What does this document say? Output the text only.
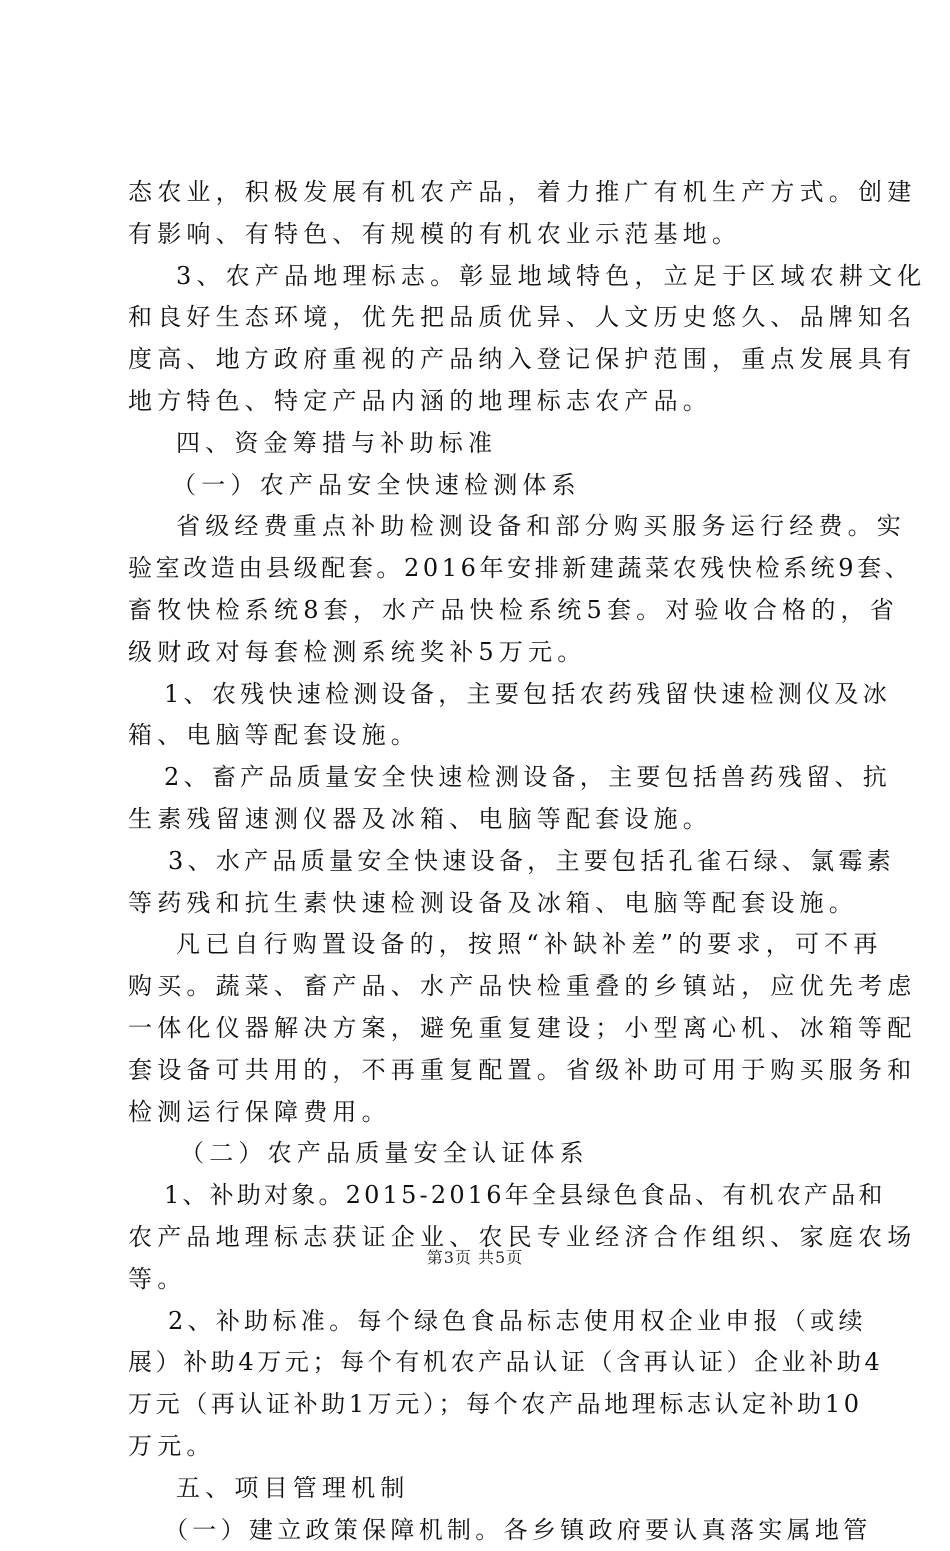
态农业，积极发展有机农产品，着力推广有机生产方式。创建
有影响、有特色、有规模的有机农业示范基地。
3、农产品地理标志。彰显地域特色，立足于区域农耕文化
和良好生态环境，优先把品质优异、人文历史悠久、品牌知名
度高、地方政府重视的产品纳入登记保护范围，重点发展具有
地方特色、特定产品内涵的地理标志农产品。
四、资金筹措与补助标准
（一）农产品安全快速检测体系
省级经费重点补助检测设备和部分购买服务运行经费。实
验室改造由县级配套。2016年安排新建蔬菜农残快检系统9套、
畜牧快检系统8套，水产品快检系统5套。对验收合格的，省
级财政对每套检测系统奖补5万元。
1、农残快速检测设备，主要包括农药残留快速检测仪及冰
箱、电脑等配套设施。
2、畜产品质量安全快速检测设备，主要包括兽药残留、抗
生素残留速测仪器及冰箱、电脑等配套设施。
3、水产品质量安全快速设备，主要包括孔雀石绿、氯霉素
等药残和抗生素快速检测设备及冰箱、电脑等配套设施。
凡已自行购置设备的，按照“补缺补差”的要求，可不再
购买。蔬菜、畜产品、水产品快检重叠的乡镇站，应优先考虑
一体化仪器解决方案，避免重复建设；小型离心机、冰箱等配
套设备可共用的，不再重复配置。省级补助可用于购买服务和
检测运行保障费用。
（二）农产品质量安全认证体系
1、补助对象。2015-2016年全县绿色食品、有机农产品和
农产品地理标志获证企业、农民专业经济合作组织、家庭农场
等。
2、补助标准。每个绿色食品标志使用权企业申报（或续
展）补助4万元；每个有机农产品认证（含再认证）企业补助4
万元（再认证补助1万元）；每个农产品地理标志认定补助10
万元。
五、项目管理机制
（一）建立政策保障机制。各乡镇政府要认真落实属地管
第3页 共5页
